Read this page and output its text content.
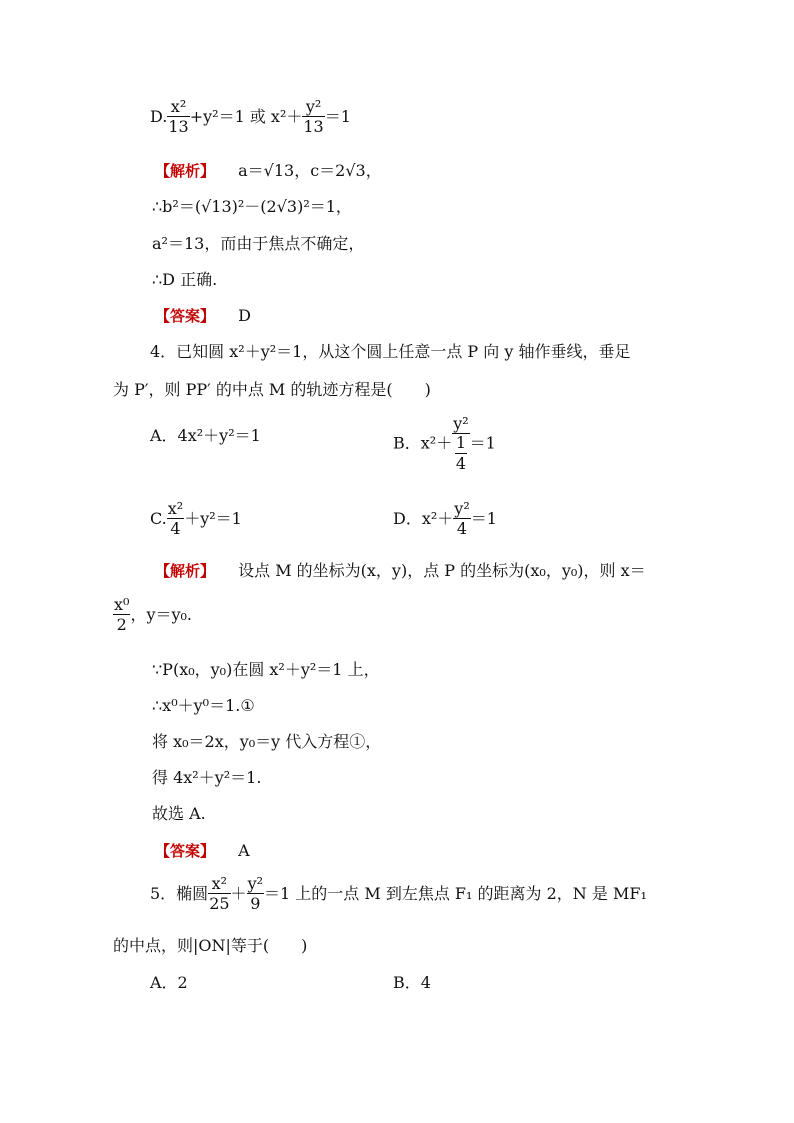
D. $\frac{\text{x²}}{13} +y^2=1$ 或 $x^2+ \frac{\text{y²}}{13} =1$
【解析】 a＝√13，c＝2√3，
∴b²＝(√13)²－(2√3)²＝1，
a²＝13，而由于焦点不确定，
∴D 正确.
【答案】 D
4．已知圆 x²＋y²＝1，从这个圆上任意一点 P 向 y 轴作垂线，垂足
为 P′，则 PP′ 的中点 M 的轨迹方程是(　　)
A．4x²＋y²＝1	B．$x^2+ \frac{\text{y²}}{\frac{1}{4}} =1$
C. $\frac{\text{x²}}{4} +y^2=1$	D．$x^2+ \frac{\text{y²}}{4} =1$
【解析】 设点 M 的坐标为(x，y)，点 P 的坐标为(x₀，y₀)，则 x＝
$\frac{\text{x⁰}}{2}$ ，y＝y₀.
∵P(x₀，y₀)在圆 x²＋y²＝1 上，
∴x⁰＋y⁰＝1.①
将 x₀＝2x，y₀＝y 代入方程①，
得 4x²＋y²＝1.
故选 A.
【答案】 A
5．椭圆 $\frac{\text{x²}}{25} + \frac{\text{y²}}{9} =1$ 上的一点 M 到左焦点 F₁ 的距离为 2，N 是 MF₁
的中点，则|ON|等于(　　)
A．2	B．4
